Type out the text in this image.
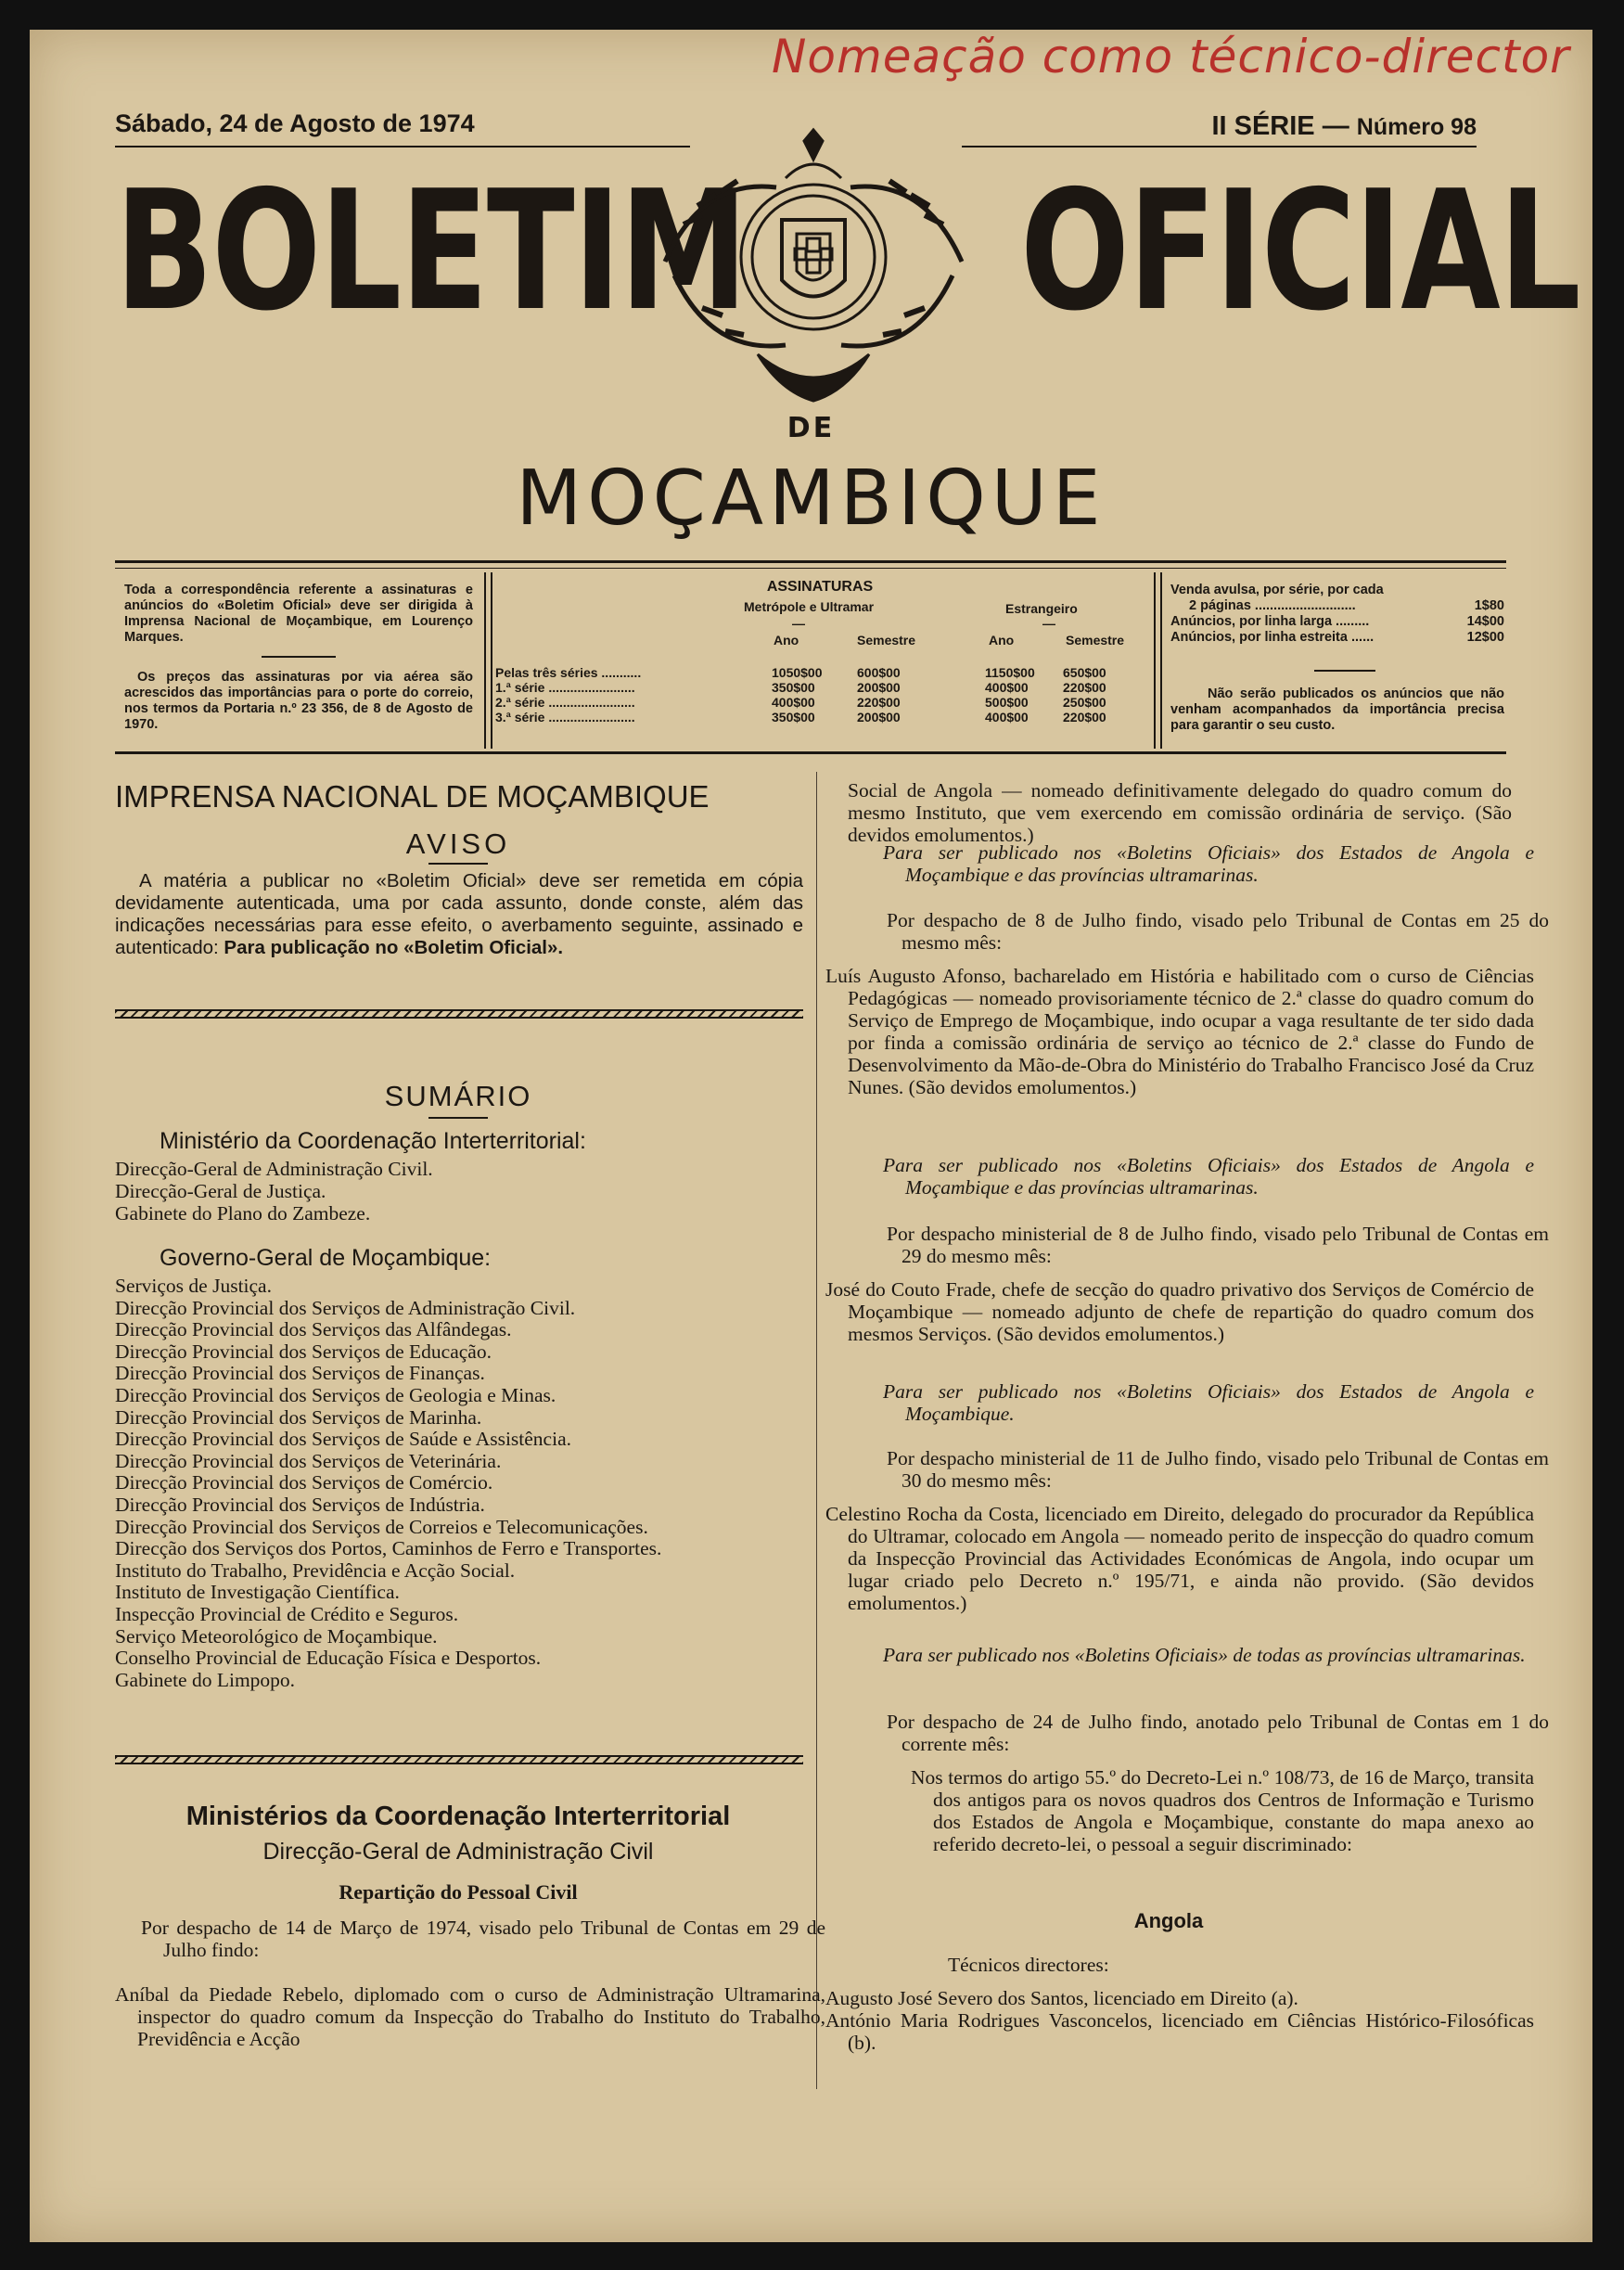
Nomeação como técnico-director
Sábado, 24 de Agosto de 1974	II SÉRIE — Número 98
BOLETIM OFICIAL
DE
MOÇAMBIQUE
Toda a correspondência referente a assinaturas e anúncios do «Boletim Oficial» deve ser dirigida à Imprensa Nacional de Moçambique, em Lourenço Marques.
Os preços das assinaturas por via aérea são acrescidos das importâncias para o porte do correio, nos termos da Portaria n.º 23 356, de 8 de Agosto de 1970.
ASSINATURAS
Metrópole e Ultramar	Estrangeiro
—	—
Ano	Semestre	Ano	Semestre
Pelas três séries ...........	1050$00	600$00	1150$00 650$00
1.ª série ........................	350$00	200$00	400$00	220$00
2.ª série ........................	400$00	220$00	500$00	250$00
3.ª série ........................	350$00	200$00	400$00	220$00
Venda avulsa, por série, por cada
2 páginas ...........................	1$80
Anúncios, por linha larga .........	14$00
Anúncios, por linha estreita ......	12$00
Não serão publicados os anúncios que não venham acompanhados da importância precisa para garantir o seu custo.
IMPRENSA NACIONAL DE MOÇAMBIQUE
AVISO
A matéria a publicar no «Boletim Oficial» deve ser remetida em cópia devidamente autenticada, uma por cada assunto, donde conste, além das indicações necessárias para esse efeito, o averbamento seguinte, assinado e autenticado: Para publicação no «Boletim Oficial».
SUMÁRIO
Ministério da Coordenação Interterritorial:
Direcção-Geral de Administração Civil.
Direcção-Geral de Justiça.
Gabinete do Plano do Zambeze.
Governo-Geral de Moçambique:
Serviços de Justiça.
Direcção Provincial dos Serviços de Administração Civil.
Direcção Provincial dos Serviços das Alfândegas.
Direcção Provincial dos Serviços de Educação.
Direcção Provincial dos Serviços de Finanças.
Direcção Provincial dos Serviços de Geologia e Minas.
Direcção Provincial dos Serviços de Marinha.
Direcção Provincial dos Serviços de Saúde e Assistência.
Direcção Provincial dos Serviços de Veterinária.
Direcção Provincial dos Serviços de Comércio.
Direcção Provincial dos Serviços de Indústria.
Direcção Provincial dos Serviços de Correios e Telecomunicações.
Direcção dos Serviços dos Portos, Caminhos de Ferro e Transportes.
Instituto do Trabalho, Previdência e Acção Social.
Instituto de Investigação Científica.
Inspecção Provincial de Crédito e Seguros.
Serviço Meteorológico de Moçambique.
Conselho Provincial de Educação Física e Desportos.
Gabinete do Limpopo.
Ministérios da Coordenação Interterritorial
Direcção-Geral de Administração Civil
Repartição do Pessoal Civil
Por despacho de 14 de Março de 1974, visado pelo Tribunal de Contas em 29 de Julho findo:
Aníbal da Piedade Rebelo, diplomado com o curso de Administração Ultramarina, inspector do quadro comum da Inspecção do Trabalho do Instituto do Trabalho, Previdência e Acção
Social de Angola — nomeado definitivamente delegado do quadro comum do mesmo Instituto, que vem exercendo em comissão ordinária de serviço. (São devidos emolumentos.)
Para ser publicado nos «Boletins Oficiais» dos Estados de Angola e Moçambique e das províncias ultramarinas.
Por despacho de 8 de Julho findo, visado pelo Tribunal de Contas em 25 do mesmo mês:
Luís Augusto Afonso, bacharelado em História e habilitado com o curso de Ciências Pedagógicas — nomeado provisoriamente técnico de 2.ª classe do quadro comum do Serviço de Emprego de Moçambique, indo ocupar a vaga resultante de ter sido dada por finda a comissão ordinária de serviço ao técnico de 2.ª classe do Fundo de Desenvolvimento da Mão-de-Obra do Ministério do Trabalho Francisco José da Cruz Nunes. (São devidos emolumentos.)
Para ser publicado nos «Boletins Oficiais» dos Estados de Angola e Moçambique e das províncias ultramarinas.
Por despacho ministerial de 8 de Julho findo, visado pelo Tribunal de Contas em 29 do mesmo mês:
José do Couto Frade, chefe de secção do quadro privativo dos Serviços de Comércio de Moçambique — nomeado adjunto de chefe de repartição do quadro comum dos mesmos Serviços. (São devidos emolumentos.)
Para ser publicado nos «Boletins Oficiais» dos Estados de Angola e Moçambique.
Por despacho ministerial de 11 de Julho findo, visado pelo Tribunal de Contas em 30 do mesmo mês:
Celestino Rocha da Costa, licenciado em Direito, delegado do procurador da República do Ultramar, colocado em Angola — nomeado perito de inspecção do quadro comum da Inspecção Provincial das Actividades Económicas de Angola, indo ocupar um lugar criado pelo Decreto n.º 195/71, e ainda não provido. (São devidos emolumentos.)
Para ser publicado nos «Boletins Oficiais» de todas as províncias ultramarinas.
Por despacho de 24 de Julho findo, anotado pelo Tribunal de Contas em 1 do corrente mês:
Nos termos do artigo 55.º do Decreto-Lei n.º 108/73, de 16 de Março, transita dos antigos para os novos quadros dos Centros de Informação e Turismo dos Estados de Angola e Moçambique, constante do mapa anexo ao referido decreto-lei, o pessoal a seguir discriminado:
Angola
Técnicos directores:
Augusto José Severo dos Santos, licenciado em Direito (a).
António Maria Rodrigues Vasconcelos, licenciado em Ciências Histórico-Filosóficas (b).
